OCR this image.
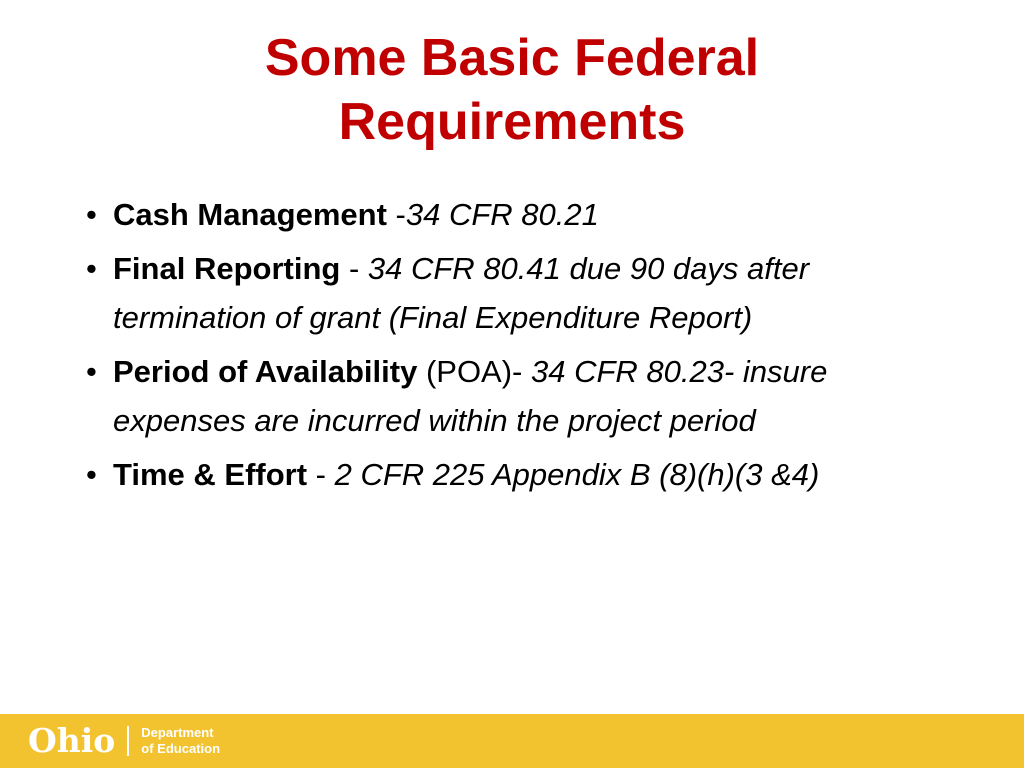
Some Basic Federal
Requirements
• Cash Management -34 CFR 80.21
• Final Reporting - 34 CFR 80.41 due 90 days after termination of grant (Final Expenditure Report)
• Period of Availability (POA)- 34 CFR 80.23- insure expenses are incurred within the project period
• Time & Effort - 2 CFR 225 Appendix B (8)(h)(3 &4)
Ohio Department
of Education
